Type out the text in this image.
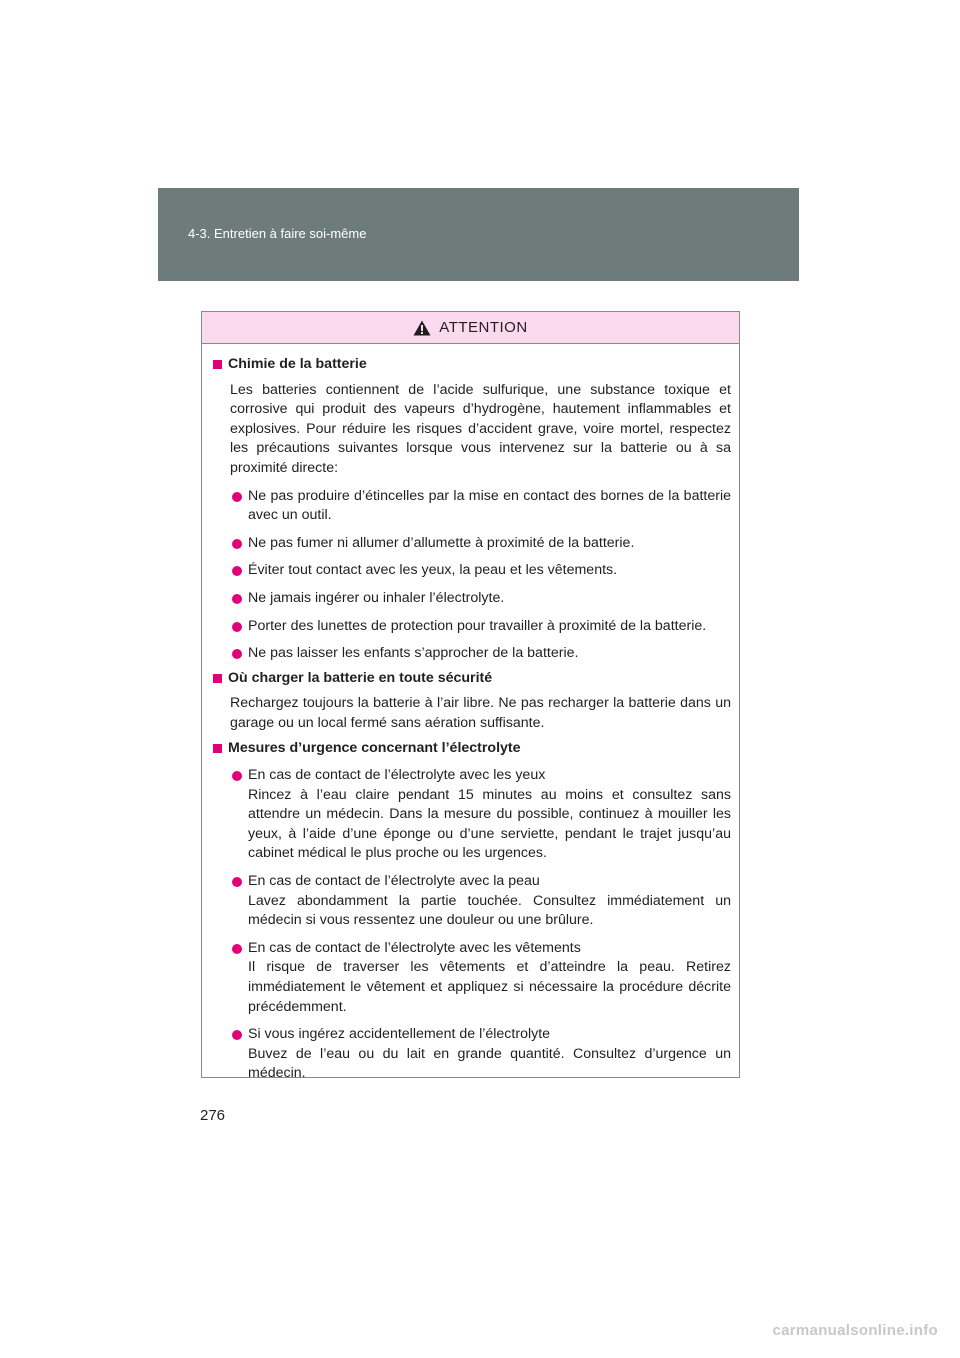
4-3. Entretien à faire soi-même
ATTENTION
Chimie de la batterie
Les batteries contiennent de l’acide sulfurique, une substance toxique et corrosive qui produit des vapeurs d’hydrogène, hautement inflammables et explosives. Pour réduire les risques d’accident grave, voire mortel, respectez les précautions suivantes lorsque vous intervenez sur la batterie ou à sa proximité directe:
Ne pas produire d’étincelles par la mise en contact des bornes de la batterie avec un outil.
Ne pas fumer ni allumer d’allumette à proximité de la batterie.
Éviter tout contact avec les yeux, la peau et les vêtements.
Ne jamais ingérer ou inhaler l’électrolyte.
Porter des lunettes de protection pour travailler à proximité de la batterie.
Ne pas laisser les enfants s’approcher de la batterie.
Où charger la batterie en toute sécurité
Rechargez toujours la batterie à l’air libre. Ne pas recharger la batterie dans un garage ou un local fermé sans aération suffisante.
Mesures d’urgence concernant l’électrolyte
En cas de contact de l’électrolyte avec les yeux
Rincez à l’eau claire pendant 15 minutes au moins et consultez sans attendre un médecin. Dans la mesure du possible, continuez à mouiller les yeux, à l’aide d’une éponge ou d’une serviette, pendant le trajet jusqu’au cabinet médical le plus proche ou les urgences.
En cas de contact de l’électrolyte avec la peau
Lavez abondamment la partie touchée. Consultez immédiatement un médecin si vous ressentez une douleur ou une brûlure.
En cas de contact de l’électrolyte avec les vêtements
Il risque de traverser les vêtements et d’atteindre la peau. Retirez immédiatement le vêtement et appliquez si nécessaire la procédure décrite précédemment.
Si vous ingérez accidentellement de l’électrolyte
Buvez de l’eau ou du lait en grande quantité. Consultez d’urgence un médecin.
276
carmanualsonline.info
